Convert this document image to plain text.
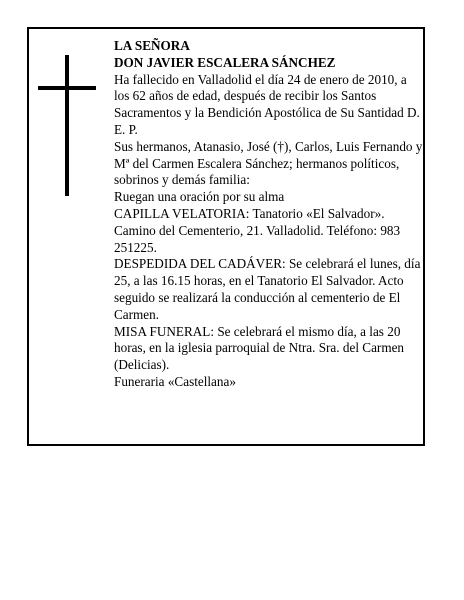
LA SEÑORA

DON JAVIER ESCALERA SÁNCHEZ

Ha fallecido en Valladolid el día 24 de enero de 2010, a los 62 años de edad, después de recibir los Santos Sacramentos y la Bendición Apostólica de Su Santidad D. E. P.

Sus hermanos, Atanasio, José (†), Carlos, Luis Fernando y Mª del Carmen Escalera Sánchez; hermanos políticos, sobrinos y demás familia:

Ruegan una oración por su alma

CAPILLA VELATORIA: Tanatorio «El Salvador». Camino del Cementerio, 21. Valladolid. Teléfono: 983 251225.

DESPEDIDA DEL CADÁVER: Se celebrará el lunes, día 25, a las 16.15 horas, en el Tanatorio El Salvador. Acto seguido se realizará la conducción al cementerio de El Carmen.

MISA FUNERAL: Se celebrará el mismo día, a las 20 horas, en la iglesia parroquial de Ntra. Sra. del Carmen (Delicias).

Funeraria «Castellana»
